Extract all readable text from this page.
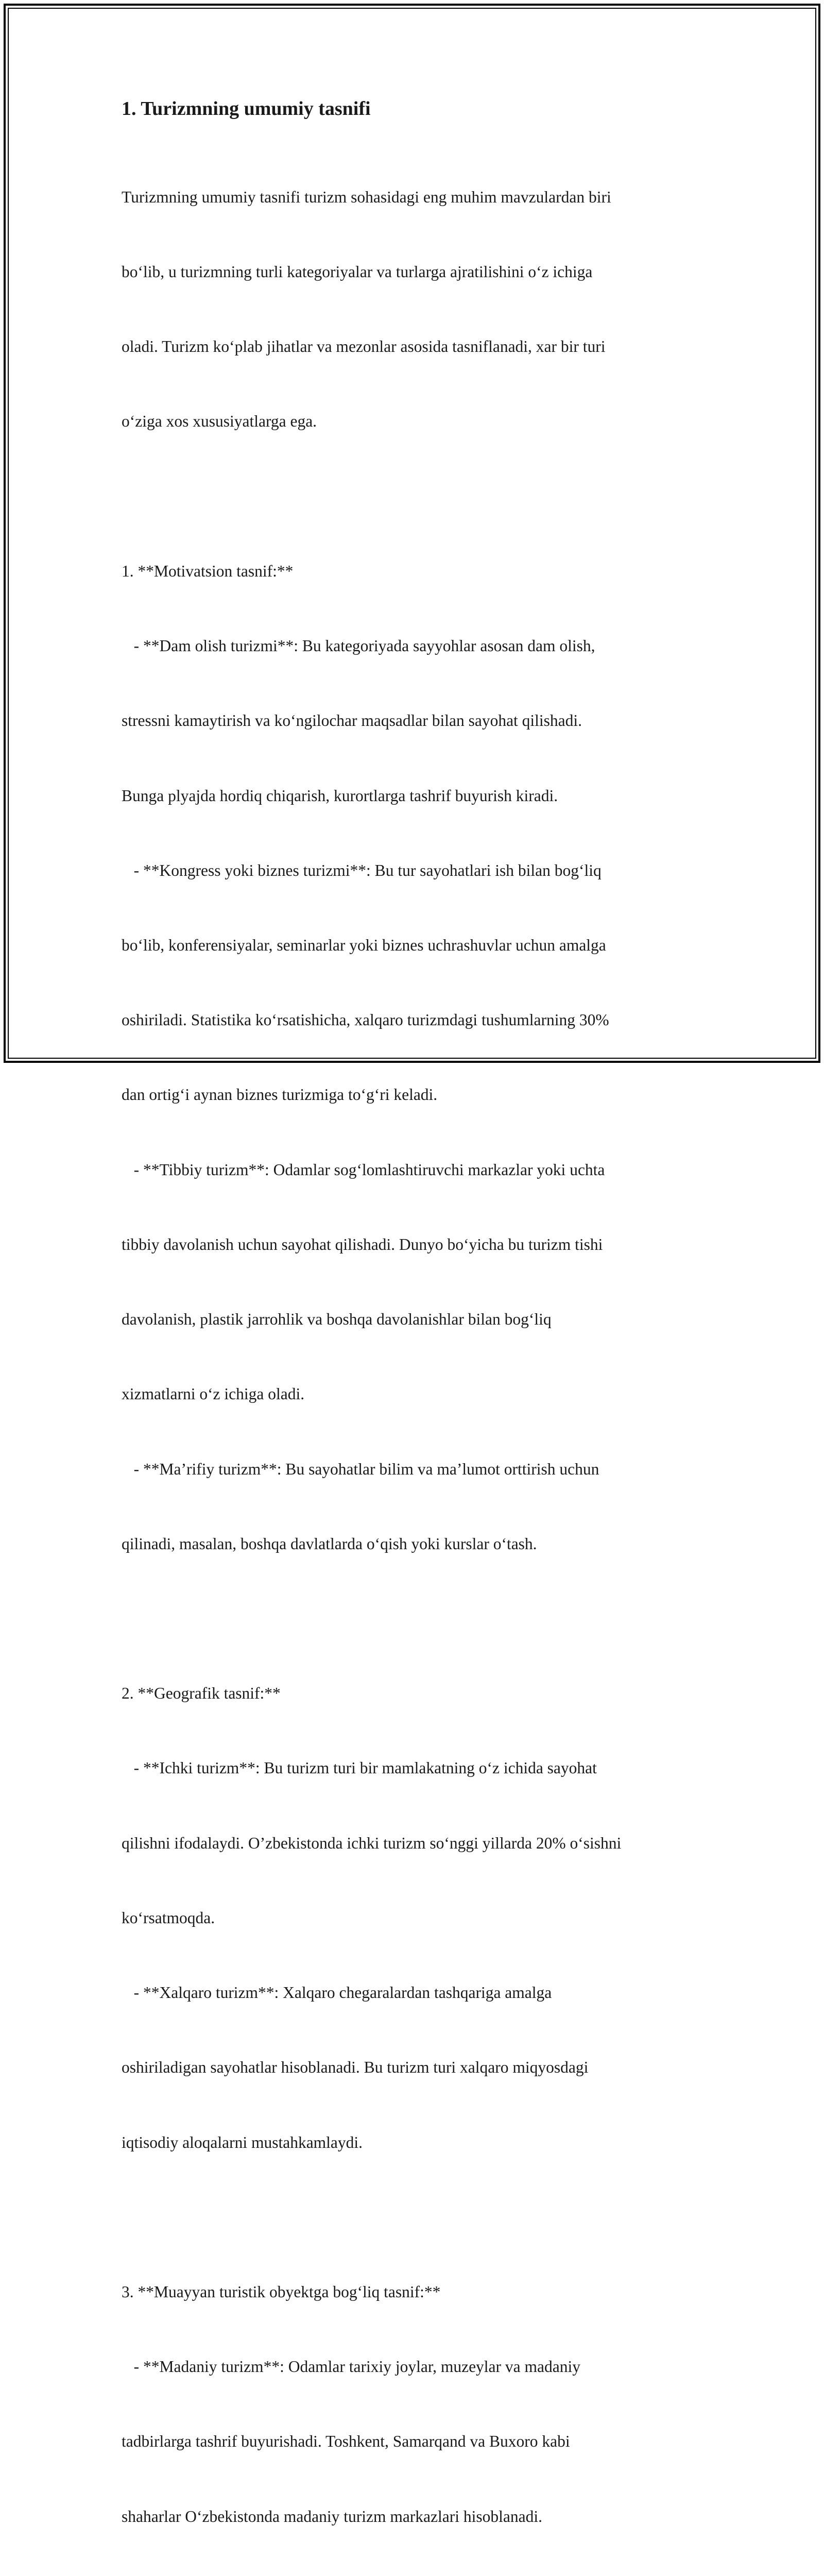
1. Turizmning umumiy tasnifi

Turizmning umumiy tasnifi turizm sohasidagi eng muhim mavzulardan biri

bo‘lib, u turizmning turli kategoriyalar va turlarga ajratilishini o‘z ichiga

oladi. Turizm ko‘plab jihatlar va mezonlar asosida tasniflanadi, xar bir turi

o‘ziga xos xususiyatlarga ega.

1. **Motivatsion tasnif:**

- **Dam olish turizmi**: Bu kategoriyada sayyohlar asosan dam olish,

stressni kamaytirish va ko‘ngilochar maqsadlar bilan sayohat qilishadi.

Bunga plyajda hordiq chiqarish, kurortlarga tashrif buyurish kiradi.

- **Kongress yoki biznes turizmi**: Bu tur sayohatlari ish bilan bog‘liq

bo‘lib, konferensiyalar, seminarlar yoki biznes uchrashuvlar uchun amalga

oshiriladi. Statistika ko‘rsatishicha, xalqaro turizmdagi tushumlarning 30%

dan ortig‘i aynan biznes turizmiga to‘g‘ri keladi.

- **Tibbiy turizm**: Odamlar sog‘lomlashtiruvchi markazlar yoki uchta

tibbiy davolanish uchun sayohat qilishadi. Dunyo bo‘yicha bu turizm tishi

davolanish, plastik jarrohlik va boshqa davolanishlar bilan bog‘liq

xizmatlarni o‘z ichiga oladi.

- **Ma’rifiy turizm**: Bu sayohatlar bilim va ma’lumot orttirish uchun

qilinadi, masalan, boshqa davlatlarda o‘qish yoki kurslar o‘tash.

2. **Geografik tasnif:**

- **Ichki turizm**: Bu turizm turi bir mamlakatning o‘z ichida sayohat

qilishni ifodalaydi. O’zbekistonda ichki turizm so‘nggi yillarda 20% o‘sishni

ko‘rsatmoqda.

- **Xalqaro turizm**: Xalqaro chegaralardan tashqariga amalga

oshiriladigan sayohatlar hisoblanadi. Bu turizm turi xalqaro miqyosdagi

iqtisodiy aloqalarni mustahkamlaydi.

3. **Muayyan turistik obyektga bog‘liq tasnif:**

- **Madaniy turizm**: Odamlar tarixiy joylar, muzeylar va madaniy

tadbirlarga tashrif buyurishadi. Toshkent, Samarqand va Buxoro kabi

shaharlar O‘zbekistonda madaniy turizm markazlari hisoblanadi.
